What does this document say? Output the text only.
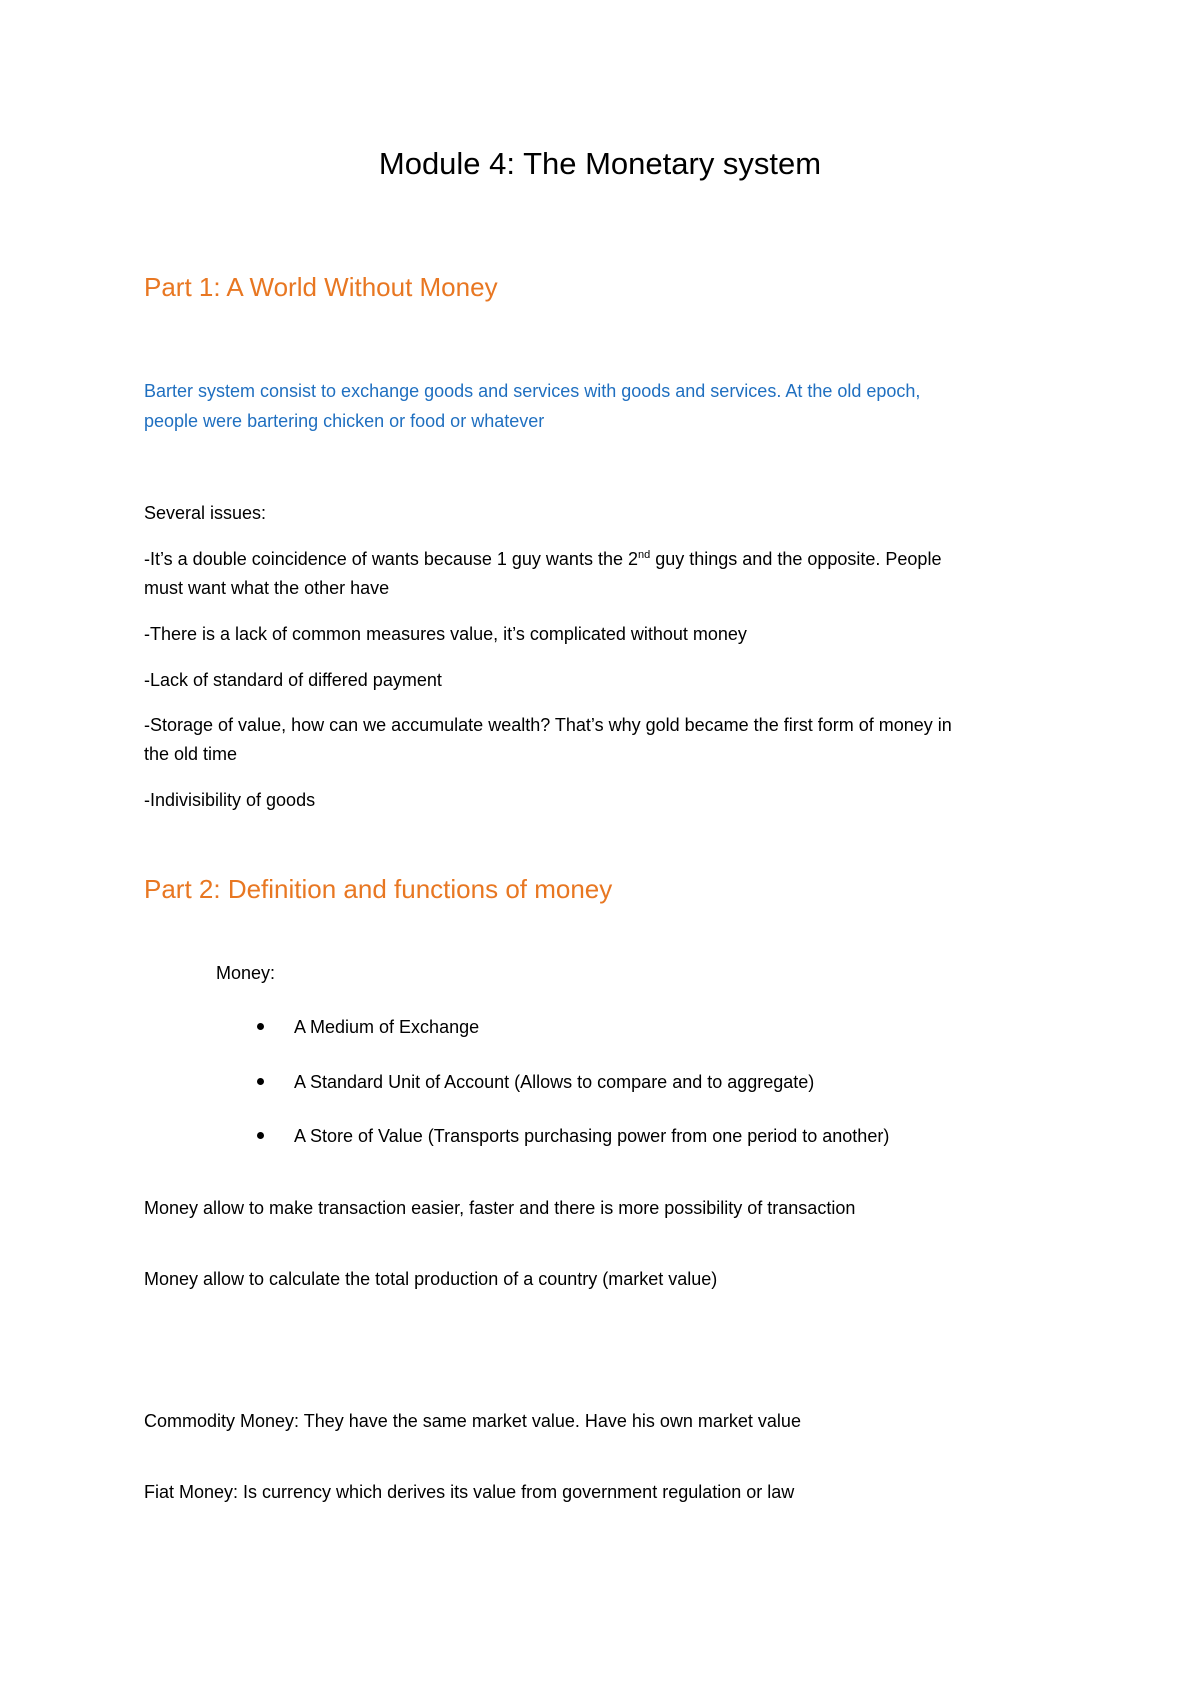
Module 4: The Monetary system
Part 1: A World Without Money
Barter system consist to exchange goods and services with goods and services. At the old epoch,
people were bartering chicken or food or whatever
Several issues:
-It’s a double coincidence of wants because 1 guy wants the 2nd guy things and the opposite. People
must want what the other have
-There is a lack of common measures value, it’s complicated without money
-Lack of standard of differed payment
-Storage of value, how can we accumulate wealth? That’s why gold became the first form of money in
the old time
-Indivisibility of goods
Part 2: Definition and functions of money
Money:
A Medium of Exchange
A Standard Unit of Account (Allows to compare and to aggregate)
A Store of Value (Transports purchasing power from one period to another)
Money allow to make transaction easier, faster and there is more possibility of transaction
Money allow to calculate the total production of a country (market value)
Commodity Money: They have the same market value. Have his own market value
Fiat Money: Is currency which derives its value from government regulation or law
